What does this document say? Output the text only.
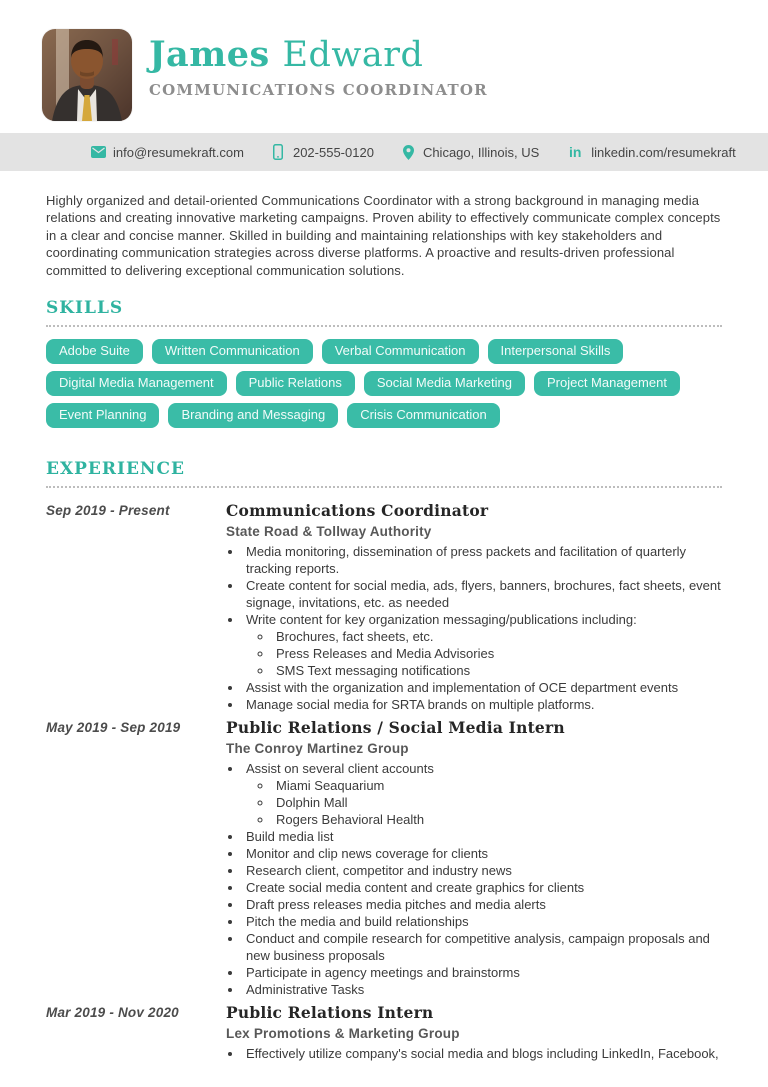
James Edward
COMMUNICATIONS COORDINATOR
info@resumekraft.com	202-555-0120	Chicago, Illinois, US in linkedin.com/resumekraft

Highly organized and detail-oriented Communications Coordinator with a strong background in managing media relations and creating innovative marketing campaigns. Proven ability to effectively communicate complex concepts in a clear and concise manner. Skilled in building and maintaining relationships with key stakeholders and coordinating communication strategies across diverse platforms. A proactive and results-driven professional committed to delivering exceptional communication solutions.

SKILLS
Adobe Suite	Written Communication	Verbal Communication	Interpersonal Skills
Digital Media Management	Public Relations	Social Media Marketing	Project Management
Event Planning	Branding and Messaging	Crisis Communication
EXPERIENCE
Sep 2019 - Present	Communications Coordinator
State Road & Tollway Authority
• Media monitoring, dissemination of press packets and facilitation of quarterly tracking reports.
• Create content for social media, ads, flyers, banners, brochures, fact sheets, event signage, invitations, etc. as needed
• Write content for key organization messaging/publications including:
◦ Brochures, fact sheets, etc.
◦ Press Releases and Media Advisories
◦ SMS Text messaging notifications
• Assist with the organization and implementation of OCE department events
• Manage social media for SRTA brands on multiple platforms.
May 2019 - Sep 2019	Public Relations / Social Media Intern
The Conroy Martinez Group
• Assist on several client accounts
◦ Miami Seaquarium
◦ Dolphin Mall
◦ Rogers Behavioral Health
• Build media list
• Monitor and clip news coverage for clients
• Research client, competitor and industry news
• Create social media content and create graphics for clients
• Draft press releases media pitches and media alerts
• Pitch the media and build relationships
• Conduct and compile research for competitive analysis, campaign proposals and new business proposals
• Participate in agency meetings and brainstorms
• Administrative Tasks
Mar 2019 - Nov 2020	Public Relations Intern
Lex Promotions & Marketing Group
• Effectively utilize company's social media and blogs including LinkedIn, Facebook,
